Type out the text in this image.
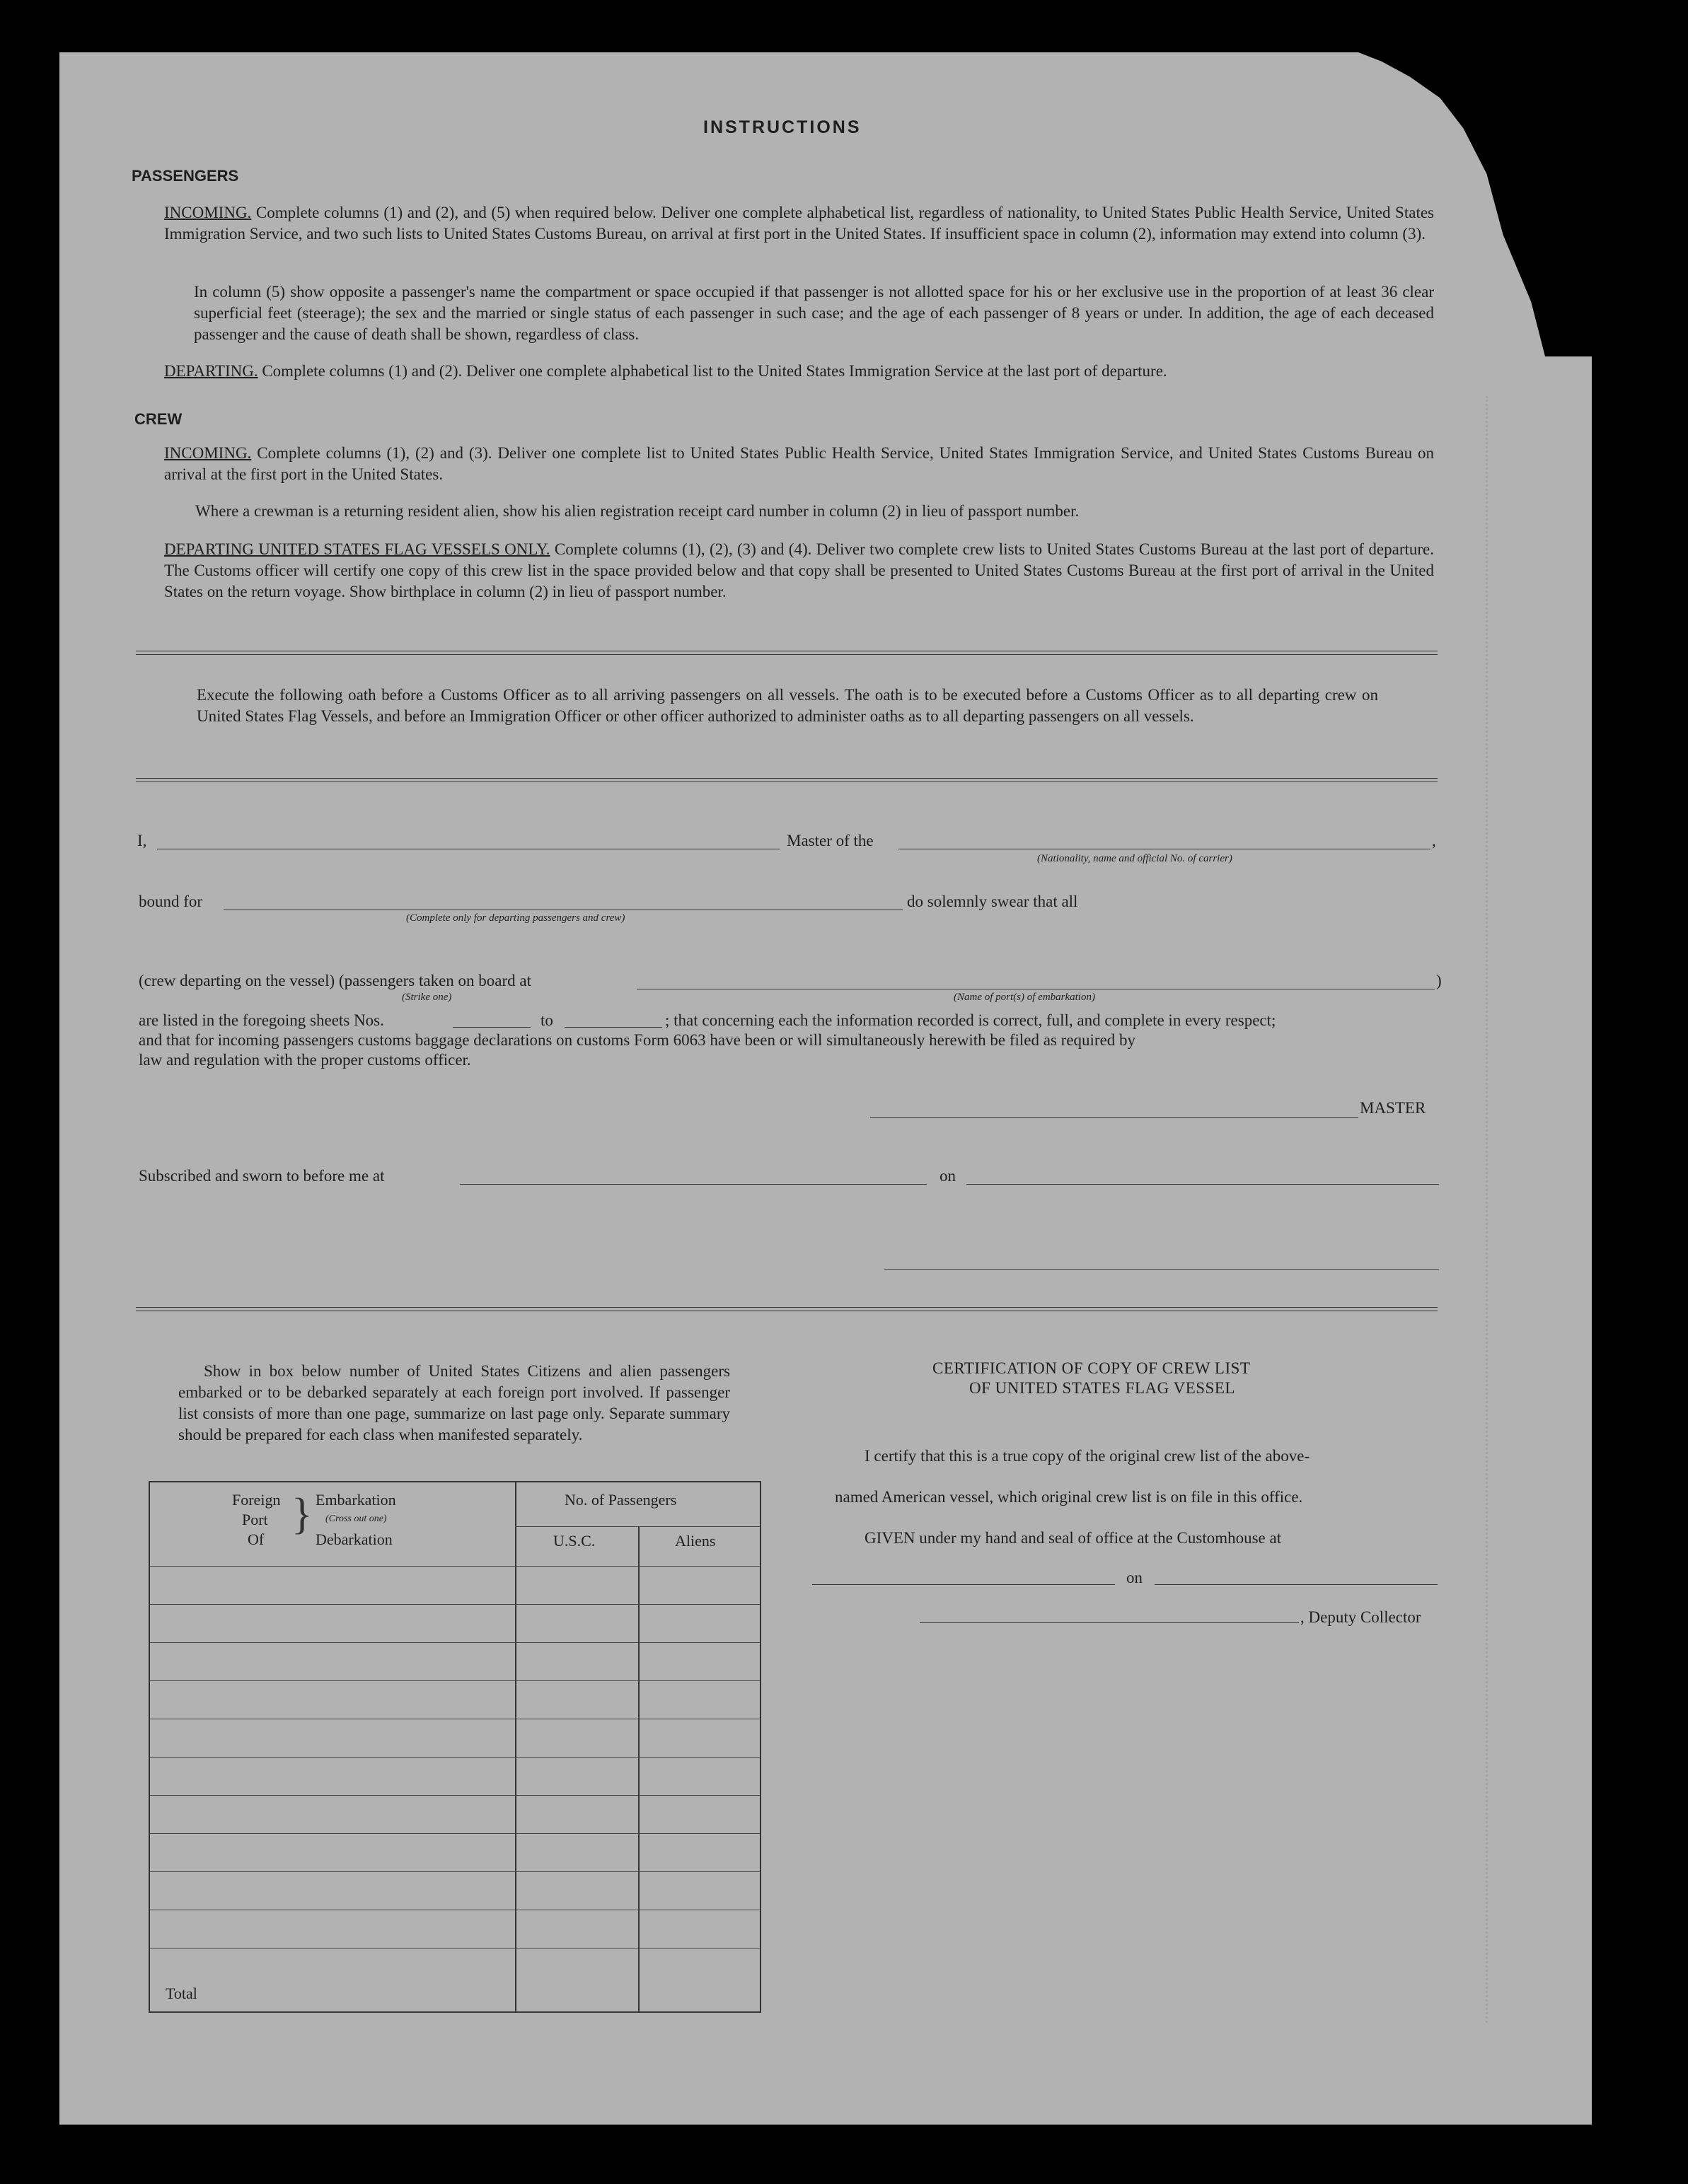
INSTRUCTIONS
PASSENGERS
INCOMING. Complete columns (1) and (2), and (5) when required below. Deliver one complete alphabetical list, regardless of nationality, to United States Public Health Service, United States Immigration Service, and two such lists to United States Customs Bureau, on arrival at first port in the United States. If insufficient space in column (2), information may extend into column (3).
In column (5) show opposite a passenger's name the compartment or space occupied if that passenger is not allotted space for his or her exclusive use in the proportion of at least 36 clear superficial feet (steerage); the sex and the married or single status of each passenger in such case; and the age of each passenger of 8 years or under. In addition, the age of each deceased passenger and the cause of death shall be shown, regardless of class.
DEPARTING. Complete columns (1) and (2). Deliver one complete alphabetical list to the United States Immigration Service at the last port of departure.
CREW
INCOMING. Complete columns (1), (2) and (3). Deliver one complete list to United States Public Health Service, United States Immigration Service, and United States Customs Bureau on arrival at the first port in the United States.
Where a crewman is a returning resident alien, show his alien registration receipt card number in column (2) in lieu of passport number.
DEPARTING UNITED STATES FLAG VESSELS ONLY. Complete columns (1), (2), (3) and (4). Deliver two complete crew lists to United States Customs Bureau at the last port of departure. The Customs officer will certify one copy of this crew list in the space provided below and that copy shall be presented to United States Customs Bureau at the first port of arrival in the United States on the return voyage. Show birthplace in column (2) in lieu of passport number.
Execute the following oath before a Customs Officer as to all arriving passengers on all vessels. The oath is to be executed before a Customs Officer as to all departing crew on United States Flag Vessels, and before an Immigration Officer or other officer authorized to administer oaths as to all departing passengers on all vessels.
I,	Master of the	,
(Nationality, name and official No. of carrier)
bound for
(Complete only for departing passengers and crew)
do solemnly swear that all
(crew departing on the vessel) (passengers taken on board at	)
(Strike one)	(Name of port(s) of embarkation)
are listed in the foregoing sheets Nos.	to	; that concerning each the information recorded is correct, full, and complete in every respect;
and that for incoming passengers customs baggage declarations on customs Form 6063 have been or will simultaneously herewith be filed as required by
law and regulation with the proper customs officer.
MASTER
Subscribed and sworn to before me at	on
Show in box below number of United States Citizens and alien passengers embarked or to be debarked separately at each foreign port involved. If passenger list consists of more than one page, summarize on last page only. Separate summary should be prepared for each class when manifested separately.
Foreign
Port
Of
} Embarkation
(Cross out one)
Debarkation
No. of Passengers
U.S.C.	Aliens
Total
CERTIFICATION OF COPY OF CREW LIST
OF UNITED STATES FLAG VESSEL
I certify that this is a true copy of the original crew list of the above-
named American vessel, which original crew list is on file in this office.
GIVEN under my hand and seal of office at the Customhouse at
on
, Deputy Collector
